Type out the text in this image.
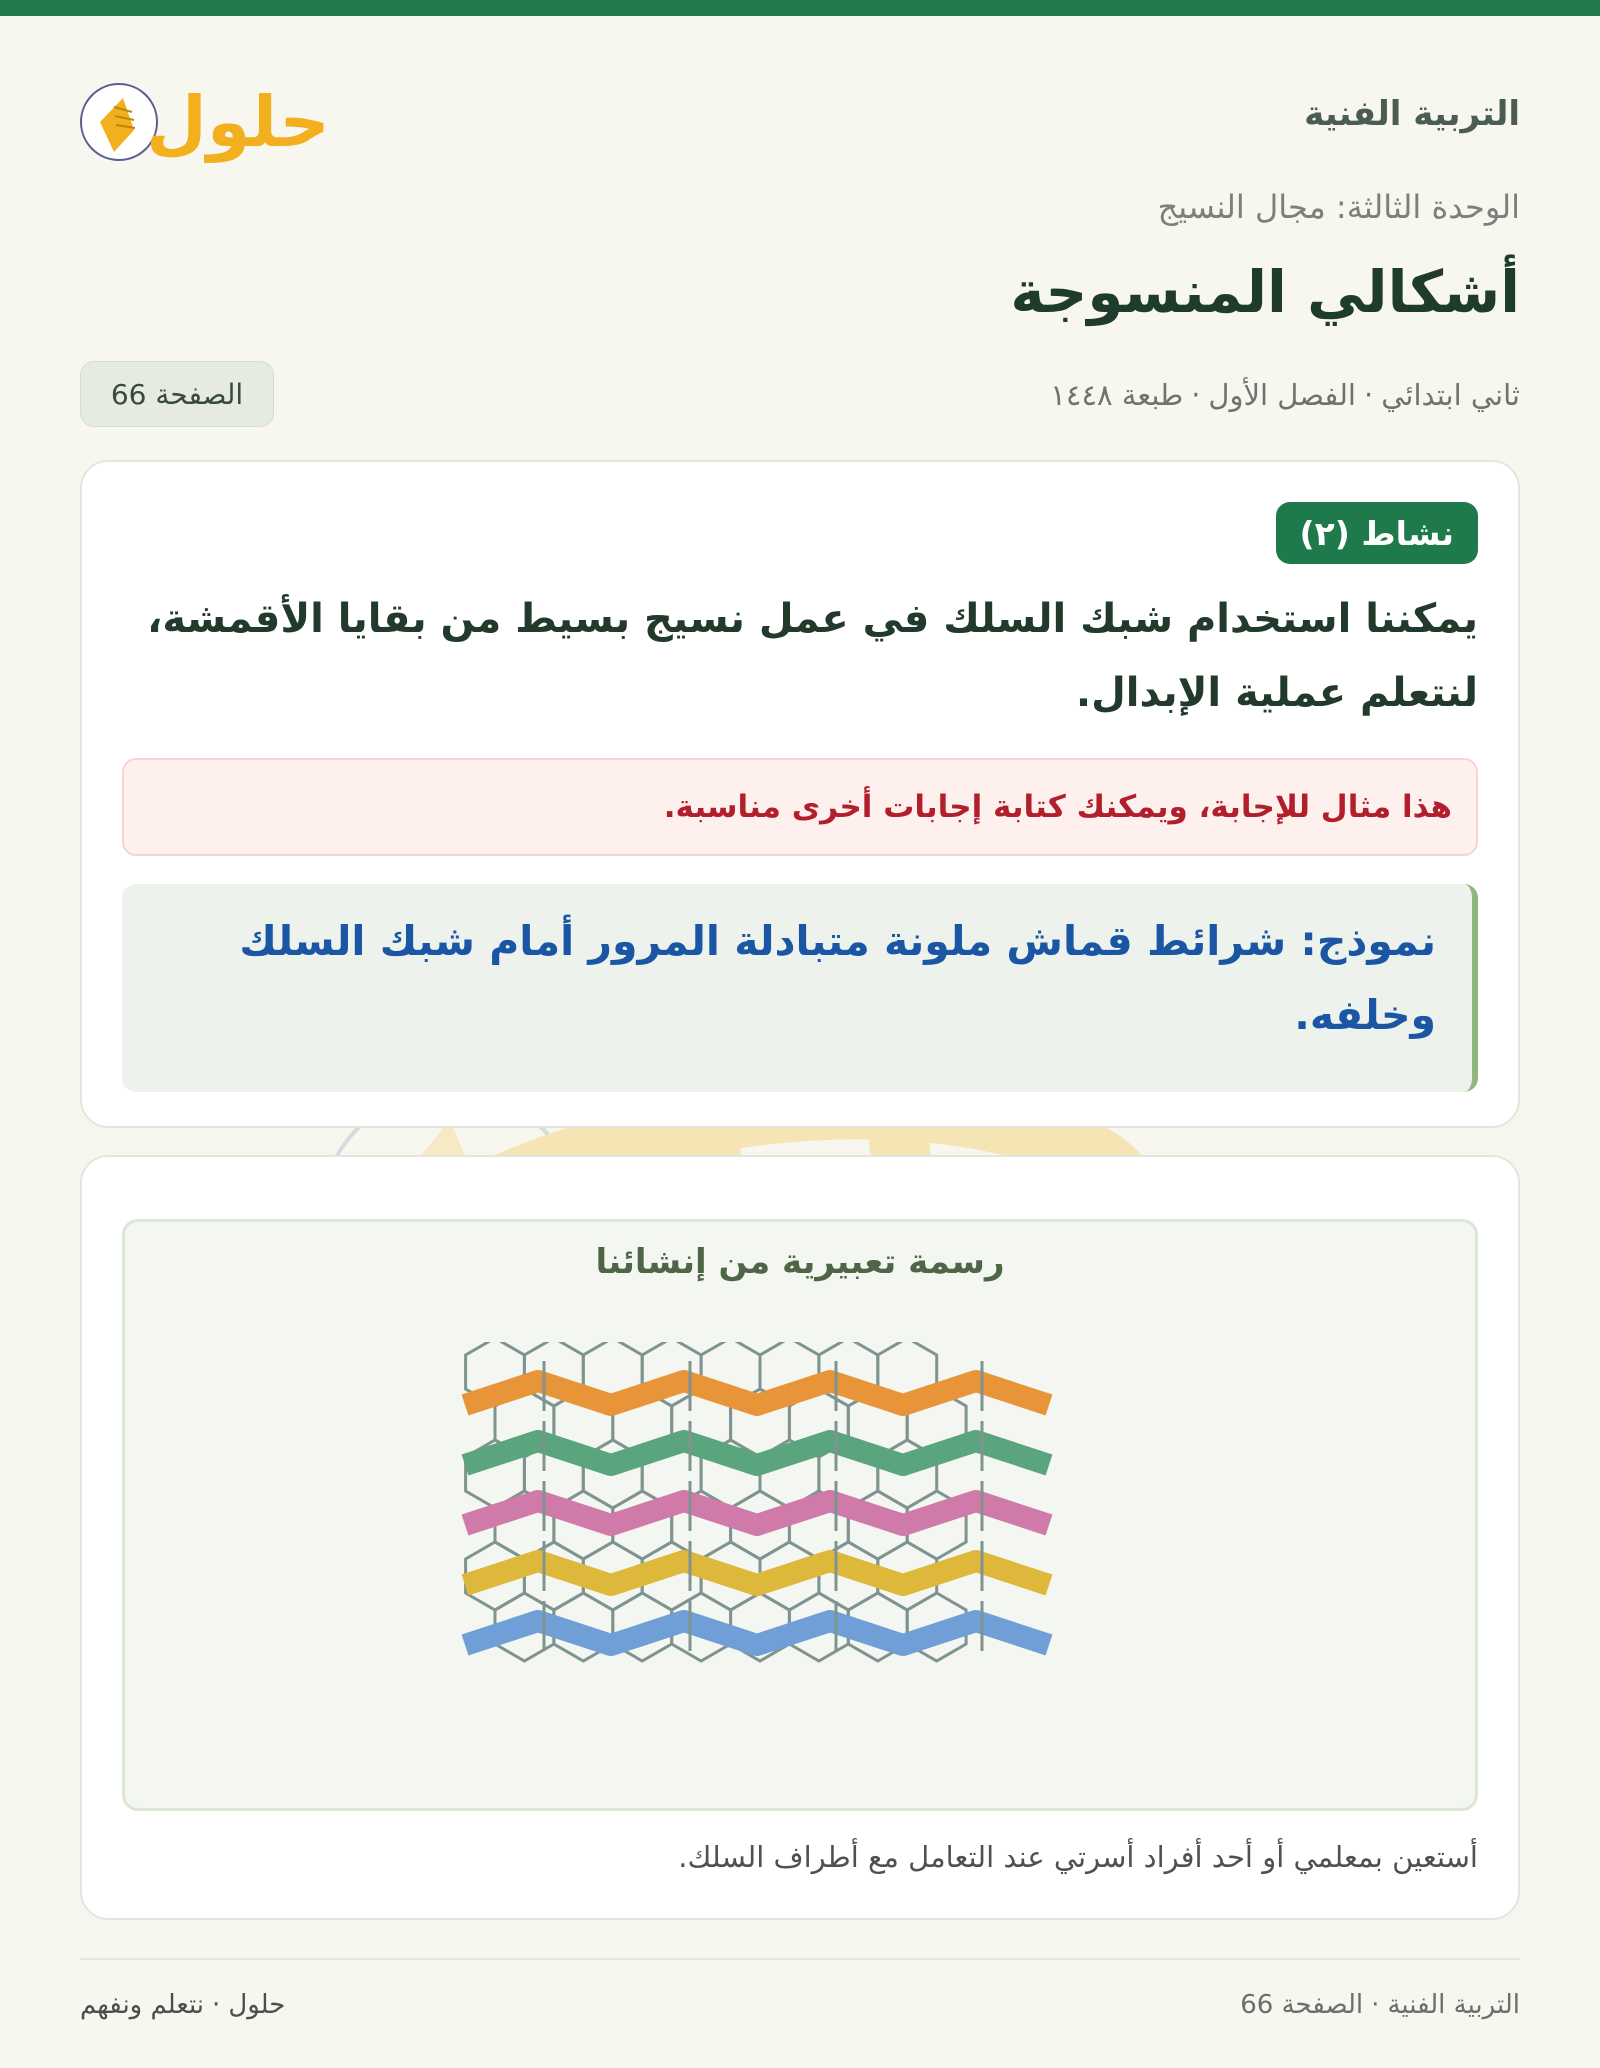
حلول	التربية الفنية
الوحدة الثالثة: مجال النسيج
أشكالي المنسوجة
ثاني ابتدائي·الفصل الأول·طبعة ١٤٤٨
الصفحة 66
نشاط (٢)
يمكننا استخدام شبك السلك في عمل نسيج بسيط من بقايا الأقمشة، لنتعلم عملية الإبدال.
هذا مثال للإجابة، ويمكنك كتابة إجابات أخرى مناسبة.
نموذج: شرائط قماش ملونة متبادلة المرور أمام شبك السلك وخلفه.
رسمة تعبيرية من إنشائنا
أستعين بمعلمي أو أحد أفراد أسرتي عند التعامل مع أطراف السلك.
التربية الفنية·الصفحة 66
حلول·نتعلم ونفهم
